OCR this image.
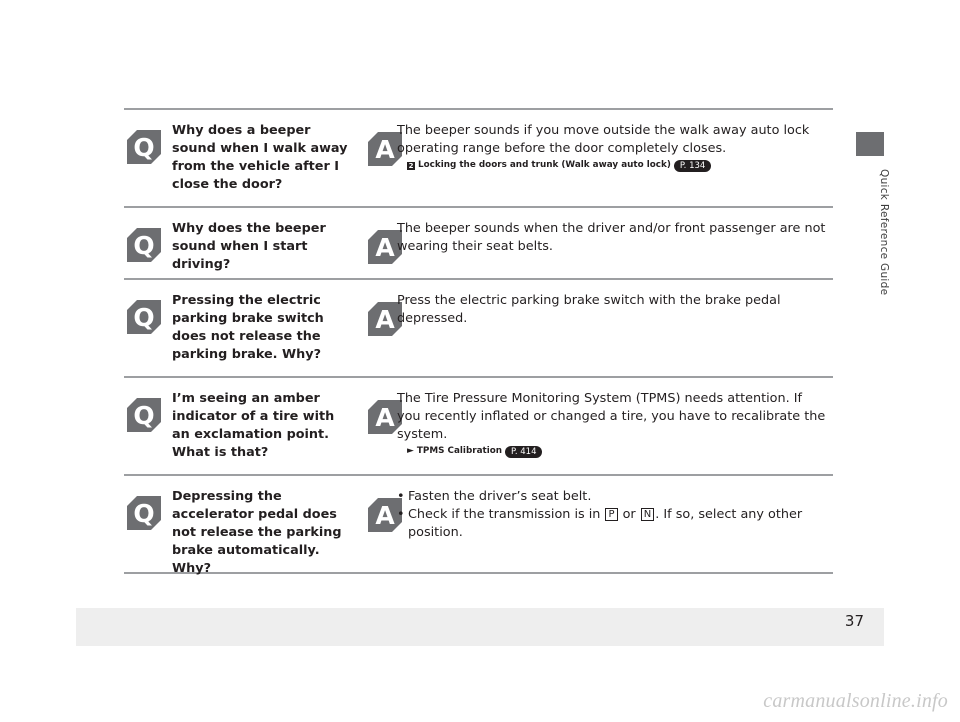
Quick Reference Guide
Q
Why does a beeper sound when I walk away from the vehicle after I close the door?
A

The beeper sounds if you move outside the walk away auto lock operating range before the door completely closes.

2 Locking the doors and trunk (Walk away auto lock)	P. 134
Q
Why does the beeper sound when I start driving?
A

The beeper sounds when the driver and/or front passenger are not wearing their seat belts.

Q
Pressing the electric parking brake switch does not release the parking brake. Why?
A

Press the electric parking brake switch with the brake pedal depressed.

Q
I’m seeing an amber indicator of a tire with an exclamation point. What is that?
A

The Tire Pressure Monitoring System (TPMS) needs attention. If you recently inflated or changed a tire, you have to recalibrate the system.

► TPMS Calibration	P. 414
Q
Depressing the accelerator pedal does not release the parking brake automatically. Why?
A
• Fasten the driver’s seat belt.
• Check if the transmission is in P or N . If so, select any other position.
37
carmanualsonline.info
